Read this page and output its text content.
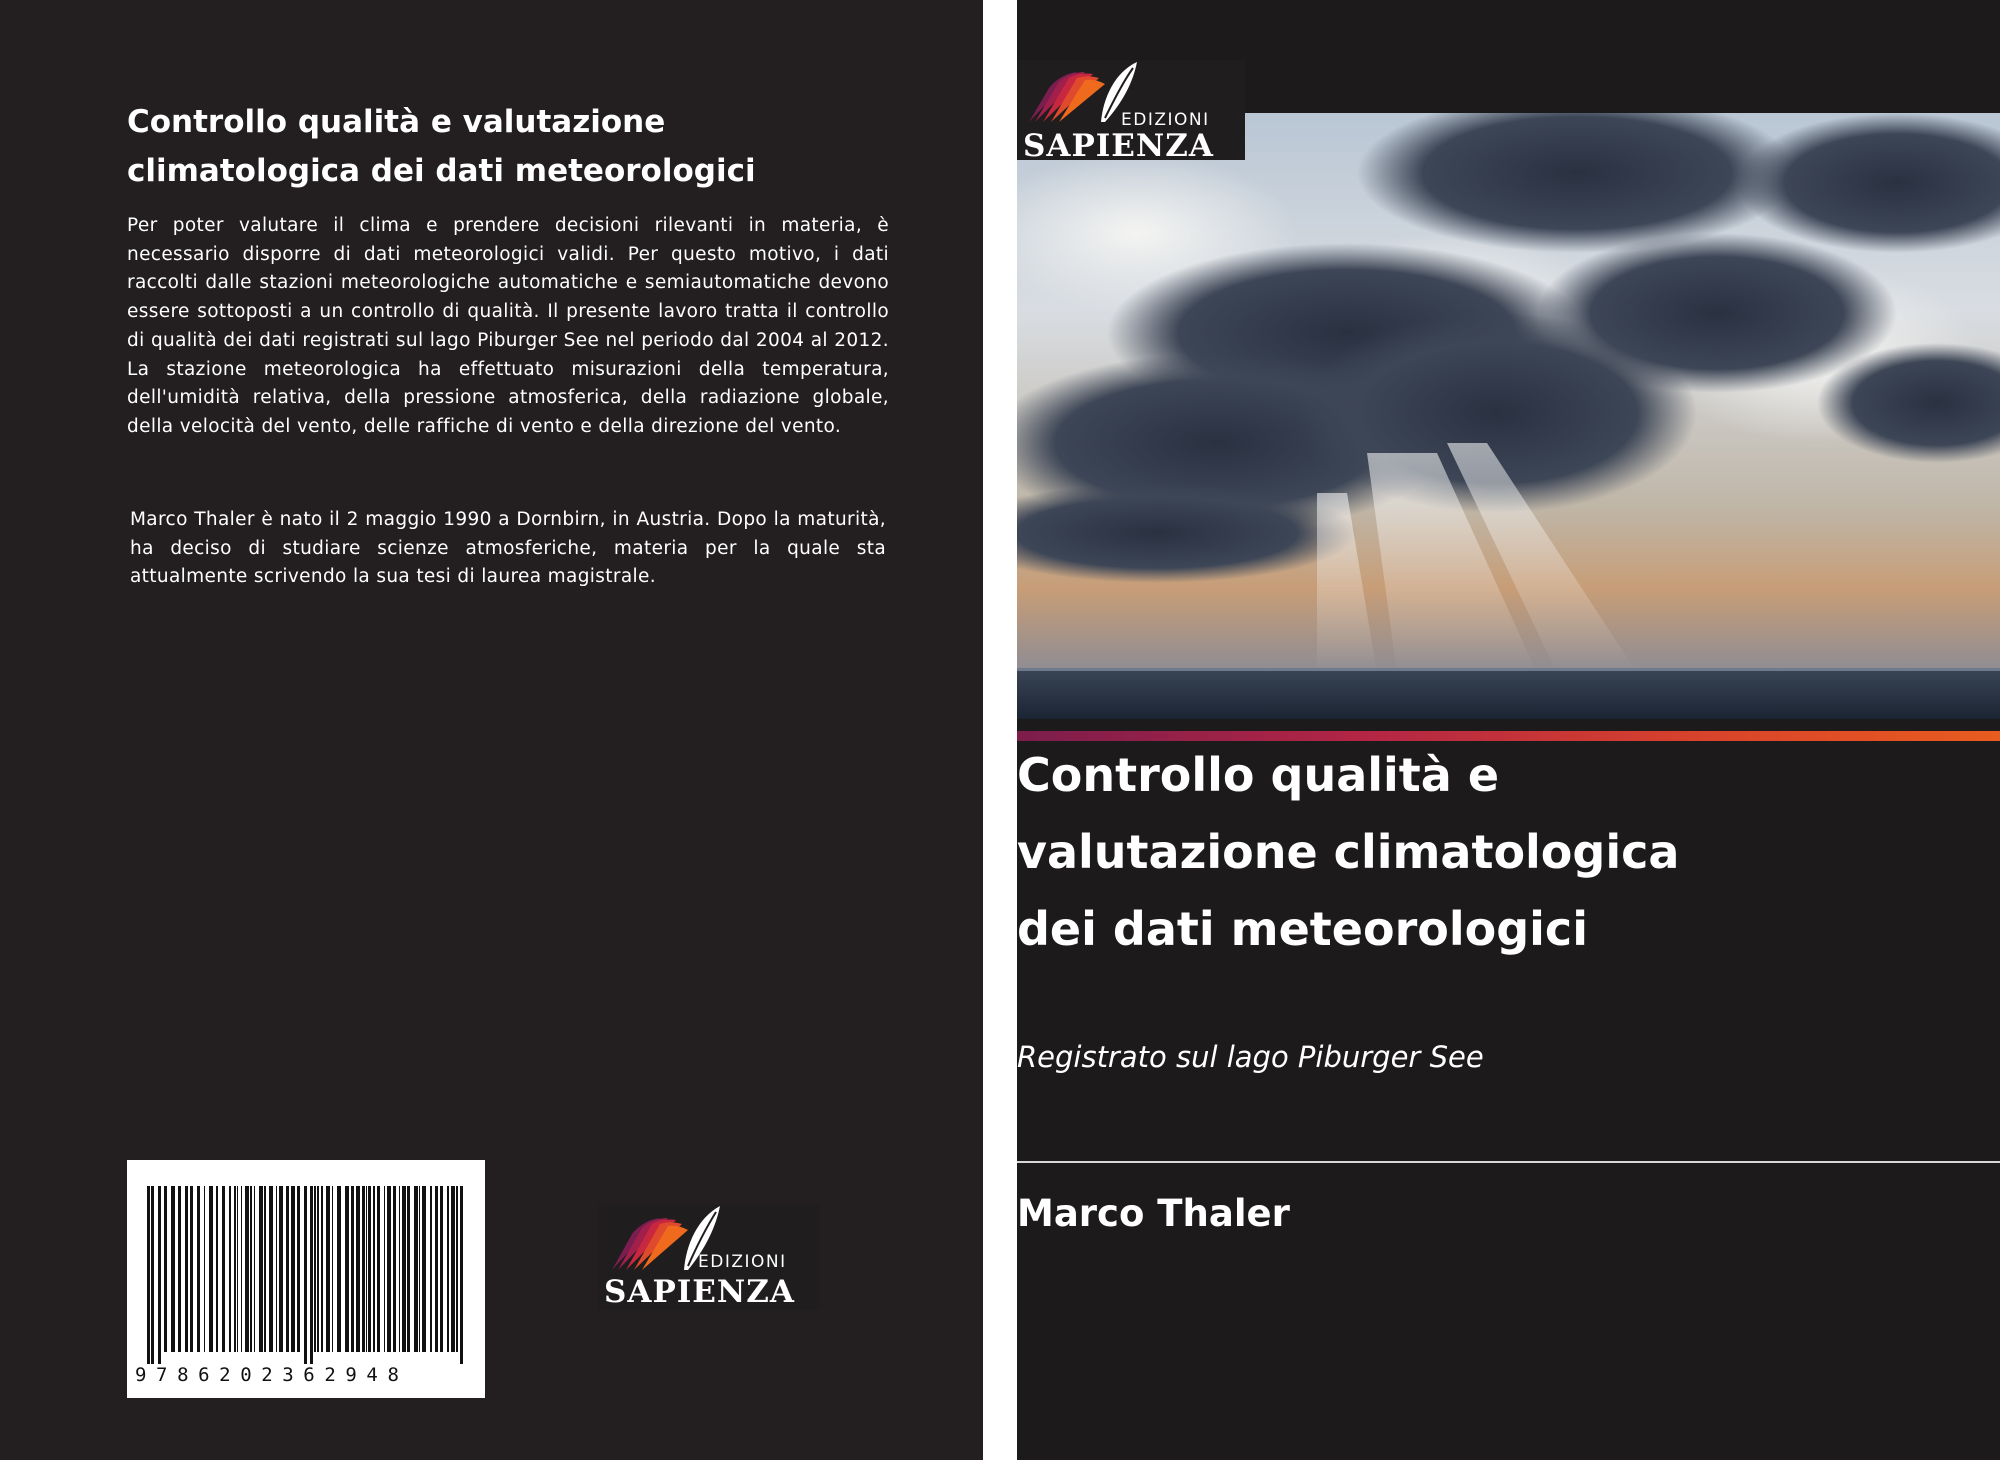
Controllo qualità e valutazione climatologica dei dati meteorologici

Per poter valutare il clima e prendere decisioni rilevanti in materia, è necessario disporre di dati meteorologici validi. Per questo motivo, i dati raccolti dalle stazioni meteorologiche automatiche e semiautomatiche devono essere sottoposti a un controllo di qualità. Il presente lavoro tratta il controllo di qualità dei dati registrati sul lago Piburger See nel periodo dal 2004 al 2012. La stazione meteorologica ha effettuato misurazioni della temperatura, dell'umidità relativa, della pressione atmosferica, della radiazione globale, della velocità del vento, delle raffiche di vento e della direzione del vento.

Marco Thaler è nato il 2 maggio 1990 a Dornbirn, in Austria. Dopo la maturità, ha deciso di studiare scienze atmosferiche, materia per la quale sta attualmente scrivendo la sua tesi di laurea magistrale.

9786202362948
EDIZIONI
SAPIENZA
EDIZIONI
SAPIENZA
Controllo qualità e valutazione climatologica dei dati meteorologici

Registrato sul lago Piburger See

Marco Thaler
